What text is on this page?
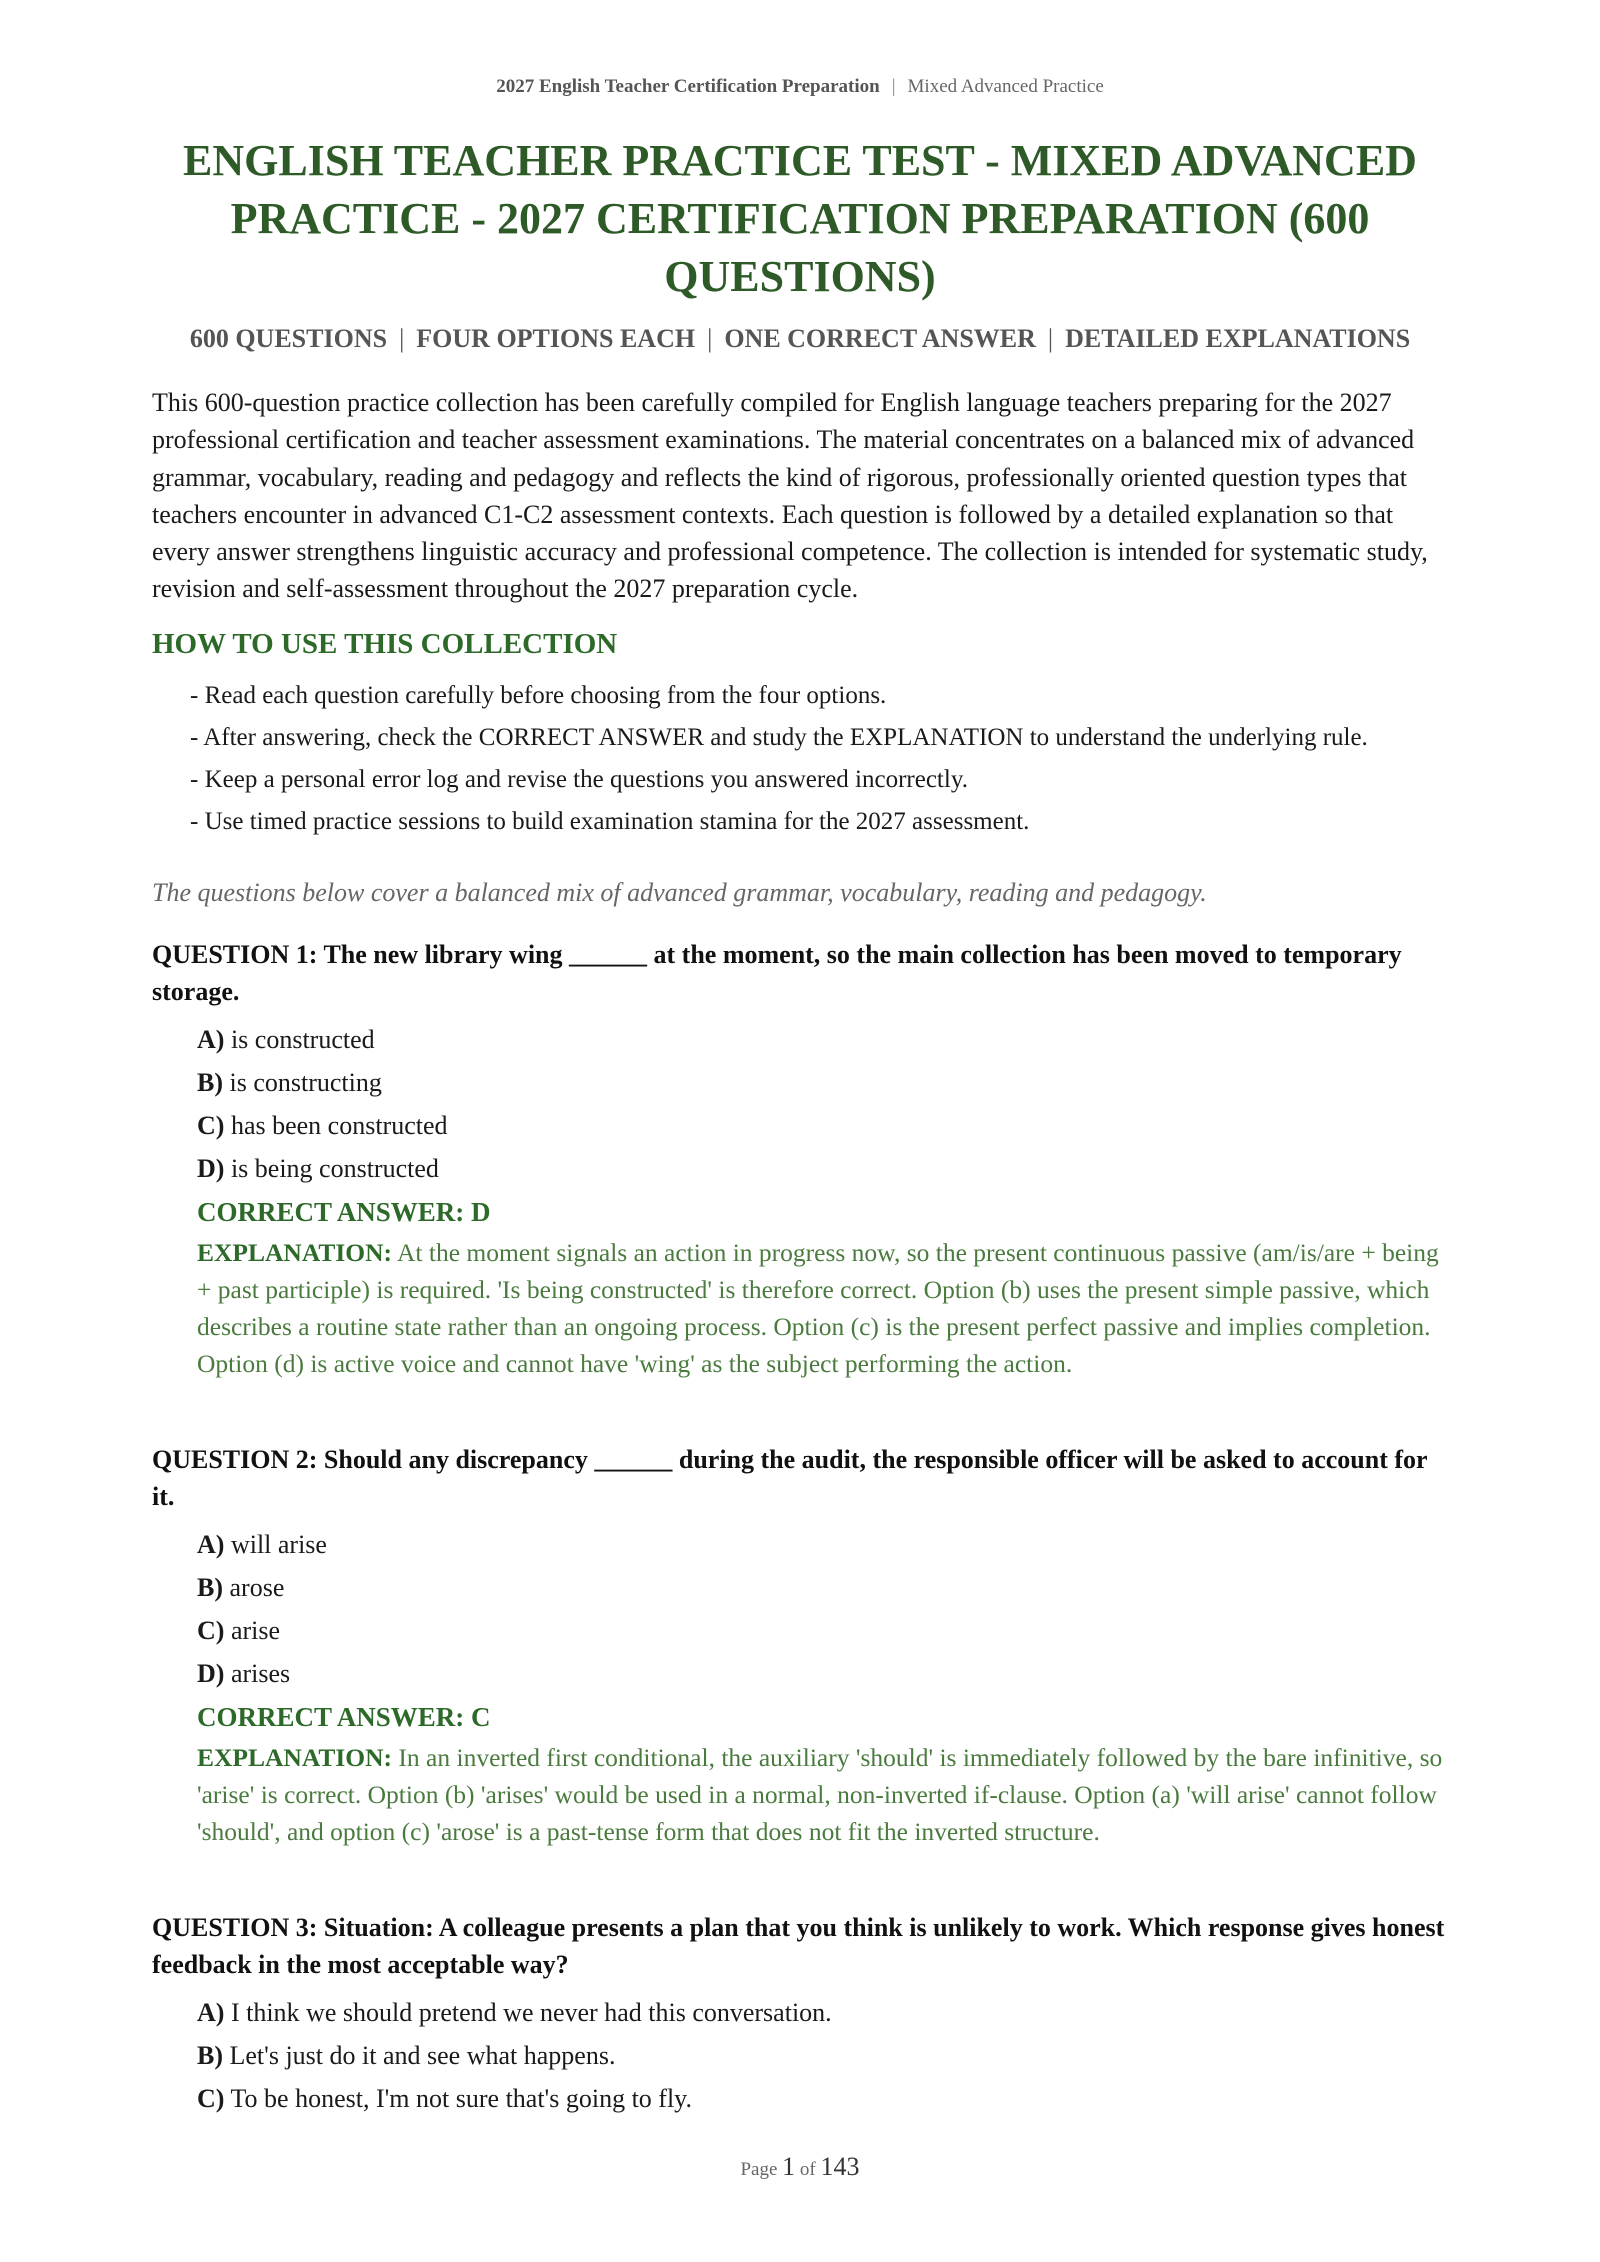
2027 English Teacher Certification Preparation | Mixed Advanced Practice
ENGLISH TEACHER PRACTICE TEST - MIXED ADVANCED PRACTICE - 2027 CERTIFICATION PREPARATION (600 QUESTIONS)
600 QUESTIONS | FOUR OPTIONS EACH | ONE CORRECT ANSWER | DETAILED EXPLANATIONS

This 600-question practice collection has been carefully compiled for English language teachers preparing for the 2027 professional certification and teacher assessment examinations. The material concentrates on a balanced mix of advanced grammar, vocabulary, reading and pedagogy and reflects the kind of rigorous, professionally oriented question types that teachers encounter in advanced C1-C2 assessment contexts. Each question is followed by a detailed explanation so that every answer strengthens linguistic accuracy and professional competence. The collection is intended for systematic study, revision and self-assessment throughout the 2027 preparation cycle.

HOW TO USE THIS COLLECTION
- Read each question carefully before choosing from the four options.
- After answering, check the CORRECT ANSWER and study the EXPLANATION to understand the underlying rule.
- Keep a personal error log and revise the questions you answered incorrectly.
- Use timed practice sessions to build examination stamina for the 2027 assessment.

The questions below cover a balanced mix of advanced grammar, vocabulary, reading and pedagogy.

QUESTION 1: The new library wing ______ at the moment, so the main collection has been moved to temporary storage.

A) is constructed
B) is constructing
C) has been constructed
D) is being constructed

CORRECT ANSWER: D

EXPLANATION: At the moment signals an action in progress now, so the present continuous passive (am/is/are + being + past participle) is required. 'Is being constructed' is therefore correct. Option (b) uses the present simple passive, which describes a routine state rather than an ongoing process. Option (c) is the present perfect passive and implies completion. Option (d) is active voice and cannot have 'wing' as the subject performing the action.

QUESTION 2: Should any discrepancy ______ during the audit, the responsible officer will be asked to account for it.

A) will arise
B) arose
C) arise
D) arises

CORRECT ANSWER: C

EXPLANATION: In an inverted first conditional, the auxiliary 'should' is immediately followed by the bare infinitive, so 'arise' is correct. Option (b) 'arises' would be used in a normal, non-inverted if-clause. Option (a) 'will arise' cannot follow 'should', and option (c) 'arose' is a past-tense form that does not fit the inverted structure.

QUESTION 3: Situation: A colleague presents a plan that you think is unlikely to work. Which response gives honest feedback in the most acceptable way?

A) I think we should pretend we never had this conversation.
B) Let's just do it and see what happens.
C) To be honest, I'm not sure that's going to fly.
Page 1 of 143
